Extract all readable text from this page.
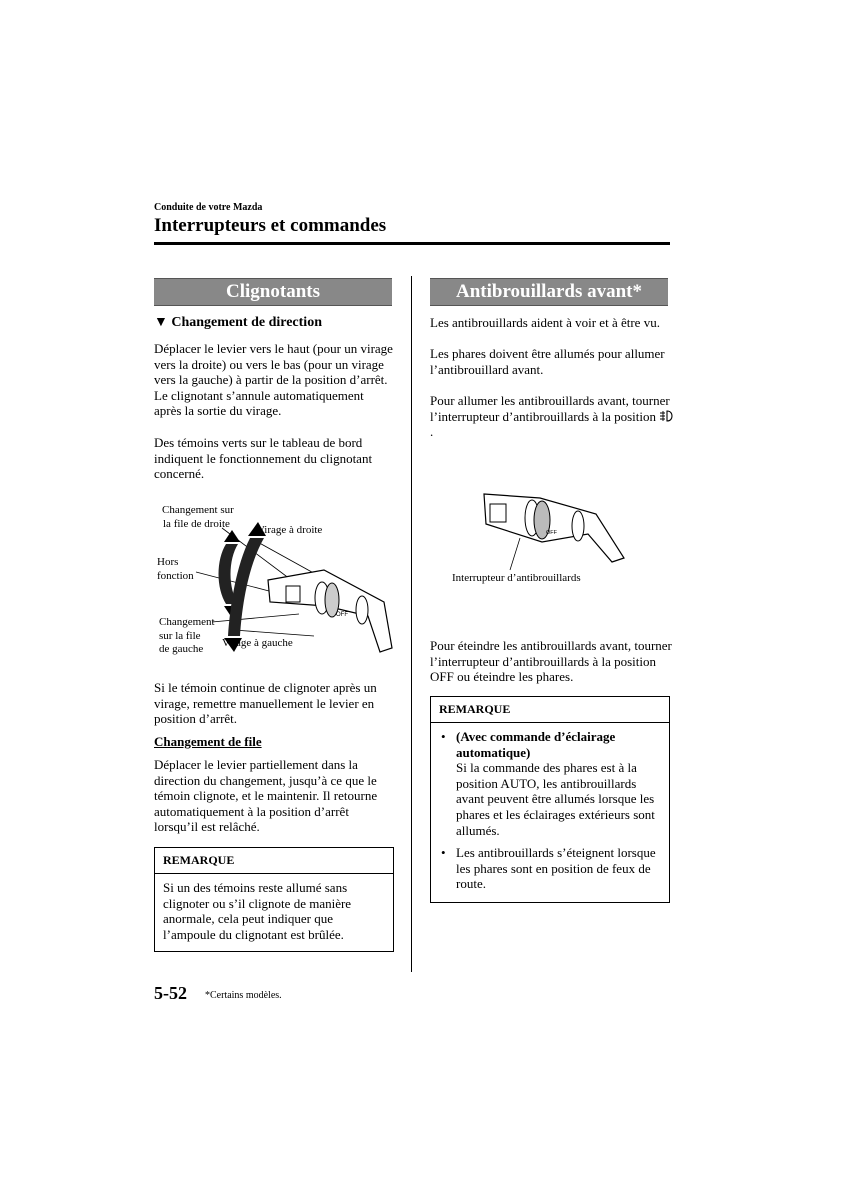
Conduite de votre Mazda
Interrupteurs et commandes
Clignotants
▼ Changement de direction

Déplacer le levier vers le haut (pour un virage vers la droite) ou vers le bas (pour un virage vers la gauche) à partir de la position d’arrêt. Le clignotant s’annule automatiquement après la sortie du virage.

Des témoins verts sur le tableau de bord indiquent le fonctionnement du clignotant concerné.

OFF
Changement sur
la file de droite
Virage à droite
Hors
fonction
Changement
sur la file
de gauche	Virage à gauche

Si le témoin continue de clignoter après un virage, remettre manuellement le levier en position d’arrêt.

Changement de file

Déplacer le levier partiellement dans la direction du changement, jusqu’à ce que le témoin clignote, et le maintenir. Il retourne automatiquement à la position d’arrêt lorsqu’il est relâché.

REMARQUE
Si un des témoins reste allumé sans clignoter ou s’il clignote de manière anormale, cela peut indiquer que l’ampoule du clignotant est brûlée.
Antibrouillards avant*

Les antibrouillards aident à voir et à être vu.

Les phares doivent être allumés pour allumer l’antibrouillard avant.

Pour allumer les antibrouillards avant, tourner l’interrupteur d’antibrouillards à la position .

OFF
Interrupteur d’antibrouillards

Pour éteindre les antibrouillards avant, tourner l’interrupteur d’antibrouillards à la position OFF ou éteindre les phares.

REMARQUE
• (Avec commande d’éclairage automatique)
Si la commande des phares est à la position AUTO, les antibrouillards avant peuvent être allumés lorsque les phares et les éclairages extérieurs sont allumés.
• Les antibrouillards s’éteignent lorsque les phares sont en position de feux de route.
5-52 *Certains modèles.
